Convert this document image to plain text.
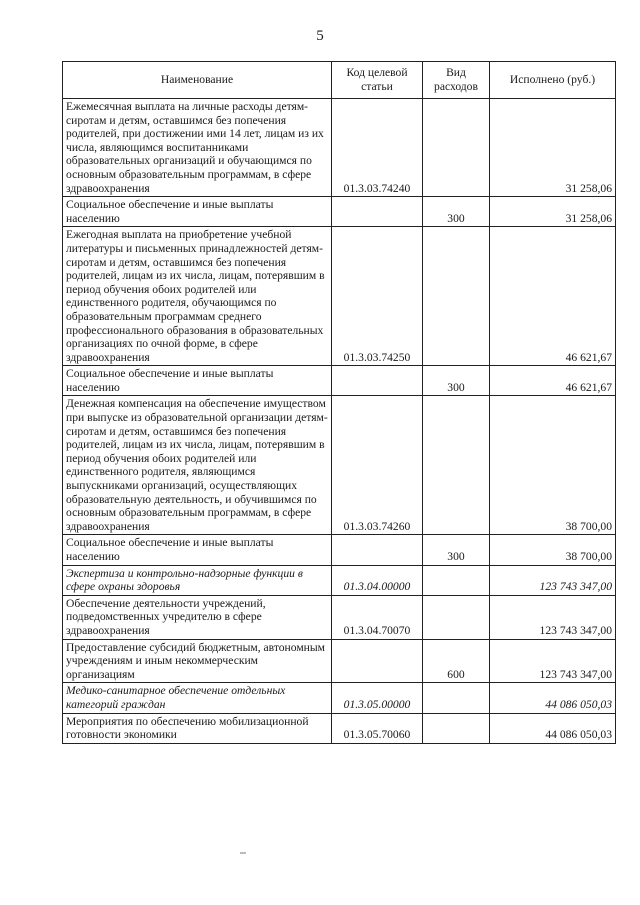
5
Наименование	Код целевой статьи	Вид расходов	Исполнено (руб.)
Ежемесячная выплата на личные расходы детям-сиротам и детям, оставшимся без попечения родителей, при достижении ими 14 лет, лицам из их числа, являющимся воспитанниками образовательных организаций и обучающимся по основным образовательным программам, в сфере здравоохранения	01.3.03.74240		31 258,06
Социальное обеспечение и иные выплаты населению		300	31 258,06
Ежегодная выплата на приобретение учебной литературы и письменных принадлежностей детям-сиротам и детям, оставшимся без попечения родителей, лицам из их числа, лицам, потерявшим в период обучения обоих родителей или единственного родителя, обучающимся по образовательным программам среднего профессионального образования в образовательных организациях по очной форме, в сфере здравоохранения	01.3.03.74250		46 621,67
Социальное обеспечение и иные выплаты населению		300	46 621,67
Денежная компенсация на обеспечение имуществом при выпуске из образовательной организации детям-сиротам и детям, оставшимся без попечения родителей, лицам из их числа, лицам, потерявшим в период обучения обоих родителей или единственного родителя, являющимся выпускниками организаций, осуществляющих образовательную деятельность, и обучившимся по основным образовательным программам, в сфере здравоохранения	01.3.03.74260		38 700,00
Социальное обеспечение и иные выплаты населению		300	38 700,00
Экспертиза и контрольно-надзорные функции в сфере охраны здоровья	01.3.04.00000		123 743 347,00
Обеспечение деятельности учреждений, подведомственных учредителю в сфере здравоохранения	01.3.04.70070		123 743 347,00
Предоставление субсидий бюджетным, автономным учреждениям и иным некоммерческим организациям		600	123 743 347,00
Медико-санитарное обеспечение отдельных категорий граждан	01.3.05.00000		44 086 050,03
Мероприятия по обеспечению мобилизационной готовности экономики	01.3.05.70060		44 086 050,03
